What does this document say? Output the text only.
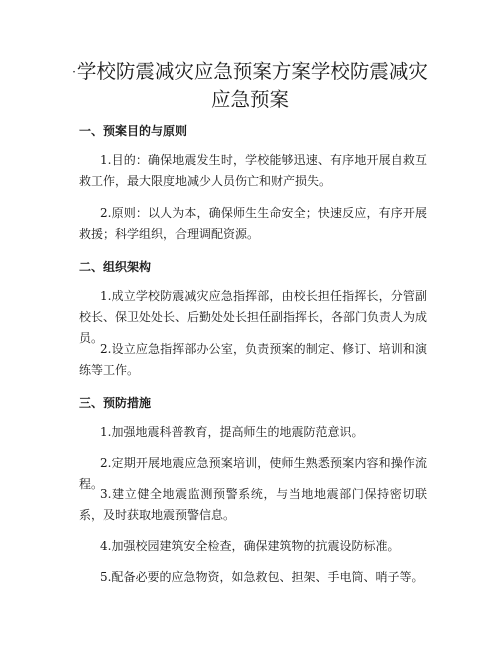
·学校防震减灾应急预案方案学校防震减灾应急预案
一、预案目的与原则

1.目的：确保地震发生时，学校能够迅速、有序地开展自救互救工作，最大限度地减少人员伤亡和财产损失。

2.原则：以人为本，确保师生生命安全；快速反应，有序开展救援；科学组织，合理调配资源。

二、组织架构

1.成立学校防震减灾应急指挥部，由校长担任指挥长，分管副校长、保卫处处长、后勤处处长担任副指挥长，各部门负责人为成员。

2.设立应急指挥部办公室，负责预案的制定、修订、培训和演练等工作。

三、预防措施

1.加强地震科普教育，提高师生的地震防范意识。

2.定期开展地震应急预案培训，使师生熟悉预案内容和操作流程。

3.建立健全地震监测预警系统，与当地地震部门保持密切联系，及时获取地震预警信息。

4.加强校园建筑安全检查，确保建筑物的抗震设防标准。

5.配备必要的应急物资，如急救包、担架、手电筒、哨子等。
